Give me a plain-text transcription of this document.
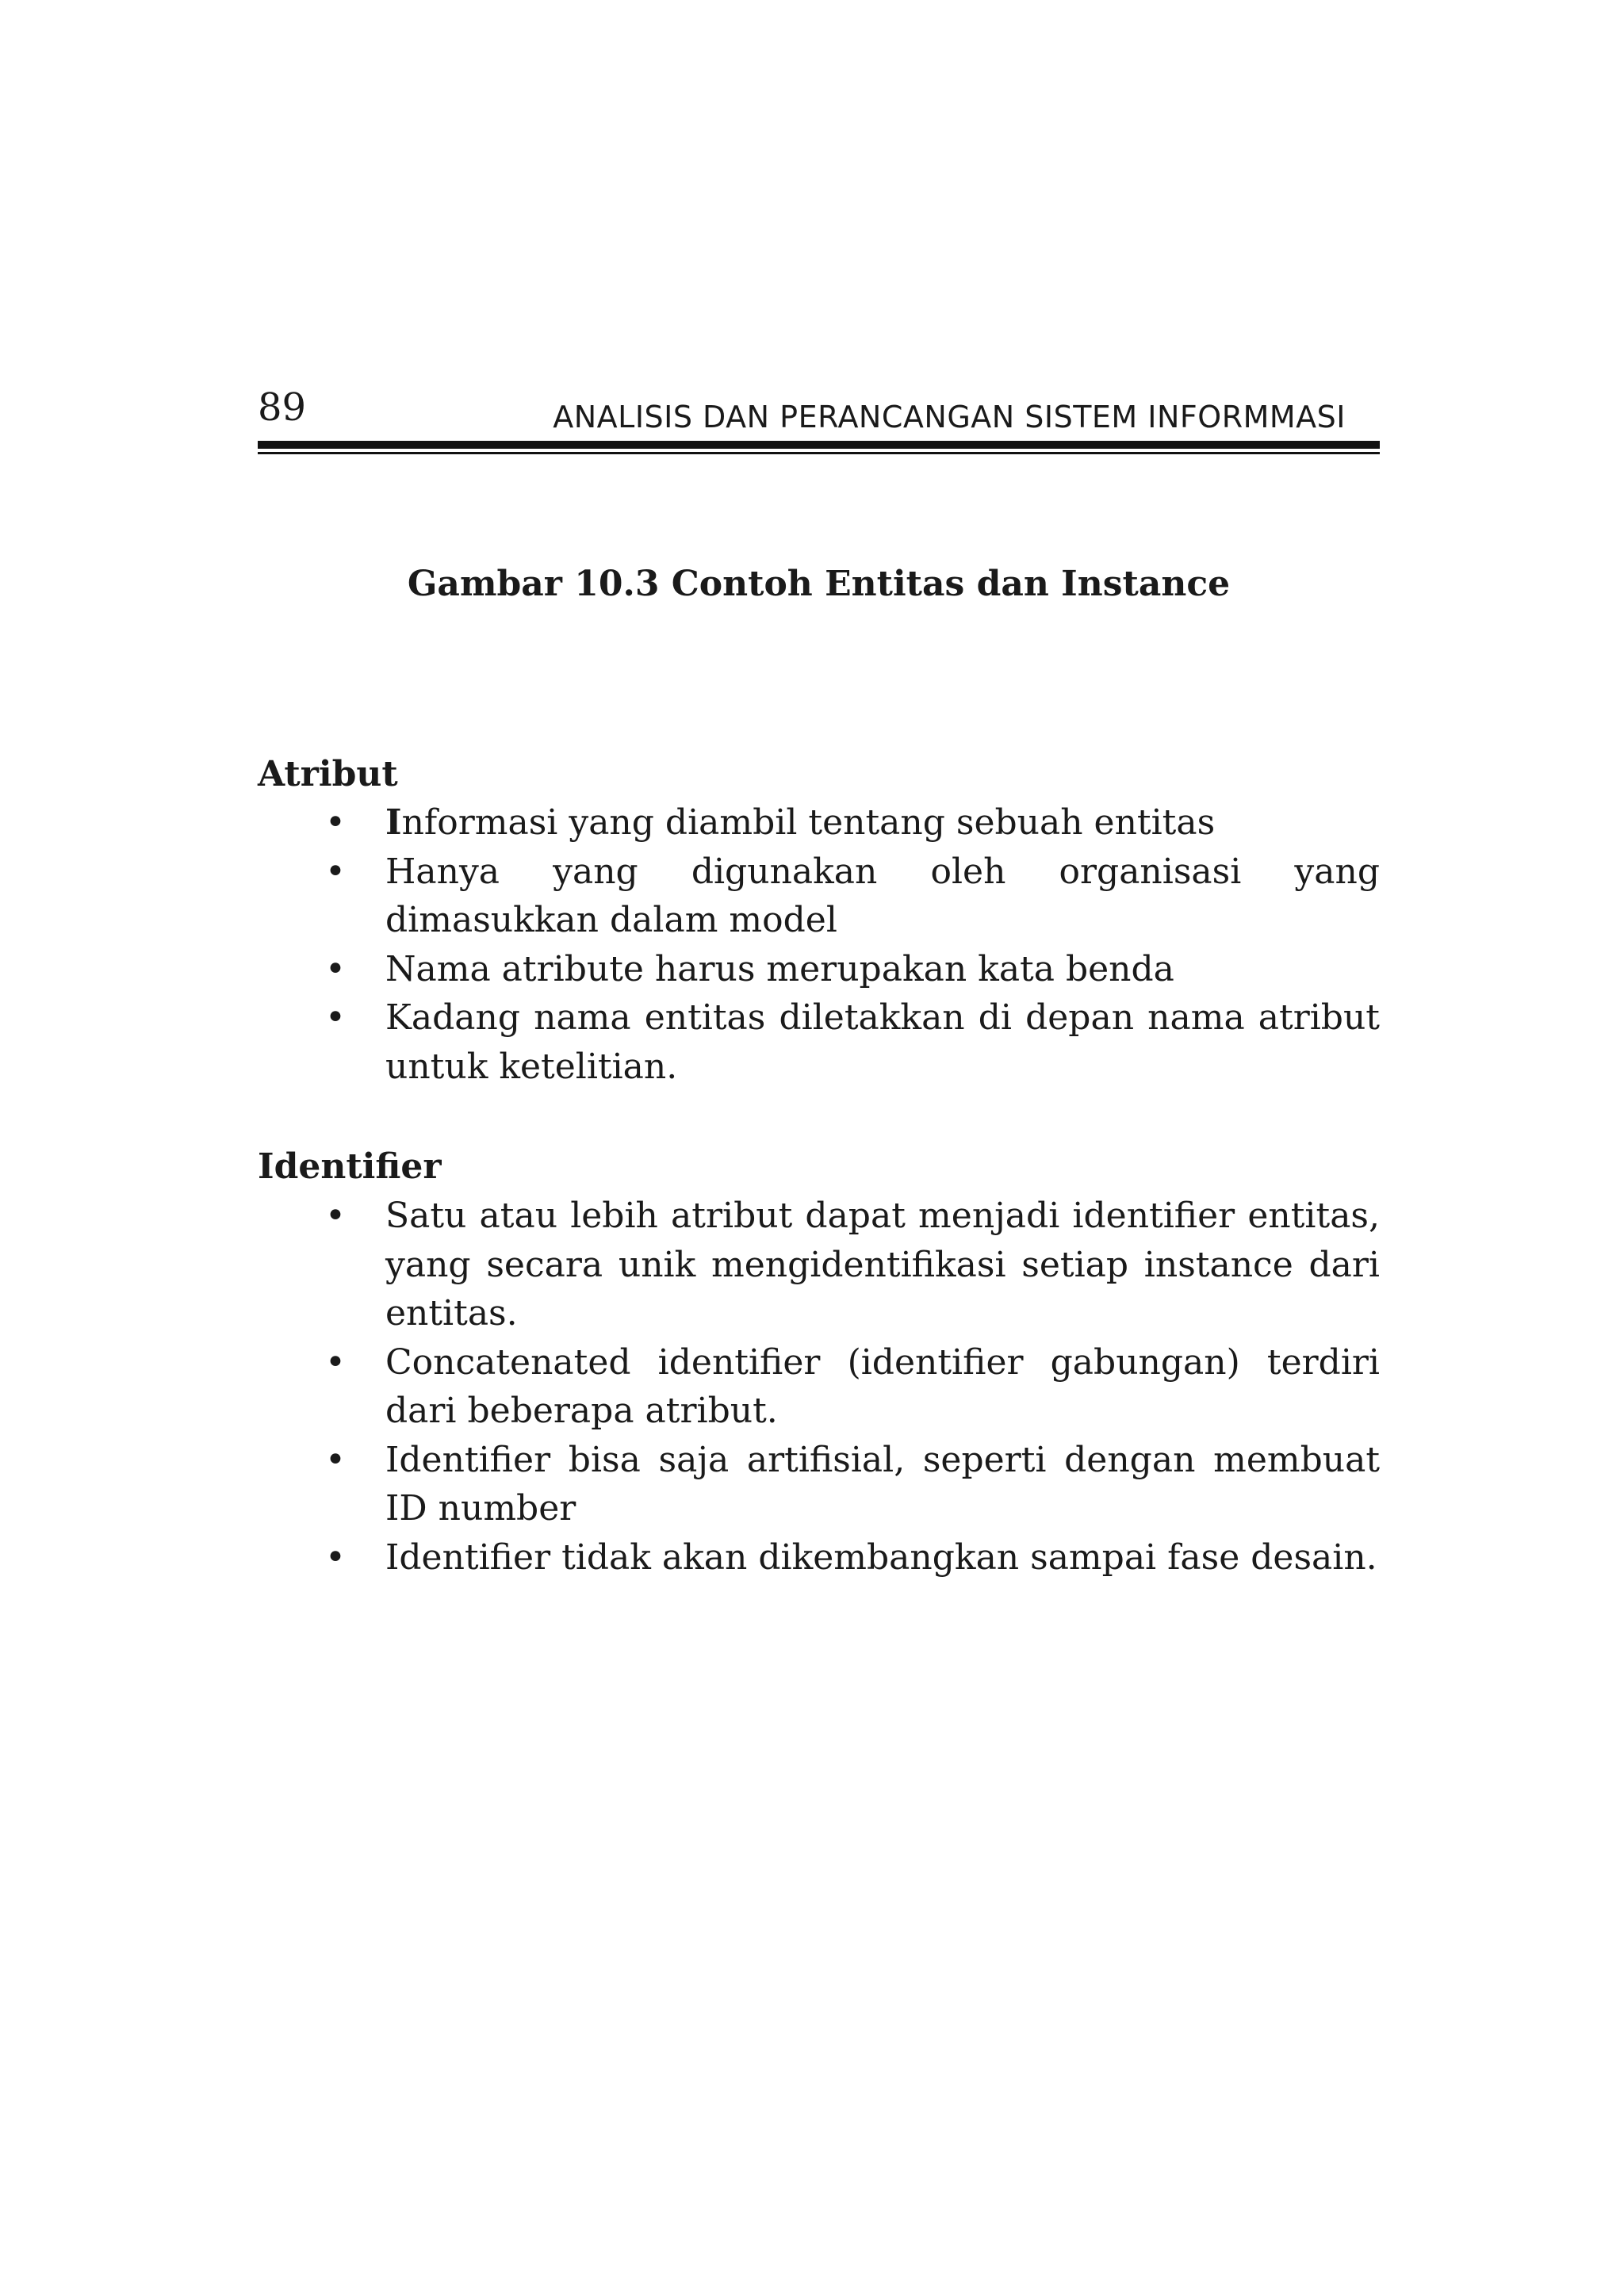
89	ANALISIS DAN PERANCANGAN SISTEM INFORMMASI
Gambar 10.3 Contoh Entitas dan Instance
Atribut
•	Informasi yang diambil tentang sebuah entitas
•	Hanya yang digunakan oleh organisasi yang dimasukkan dalam model
•	Nama atribute harus merupakan kata benda
•	Kadang nama entitas diletakkan di depan nama atribut untuk ketelitian.
Identifier
•	Satu atau lebih atribut dapat menjadi identifier entitas, yang secara unik mengidentifikasi setiap instance dari entitas.
•	Concatenated identifier (identifier gabungan) terdiri dari beberapa atribut.
•	Identifier bisa saja artifisial, seperti dengan membuat ID number
•	Identifier tidak akan dikembangkan sampai fase desain.
